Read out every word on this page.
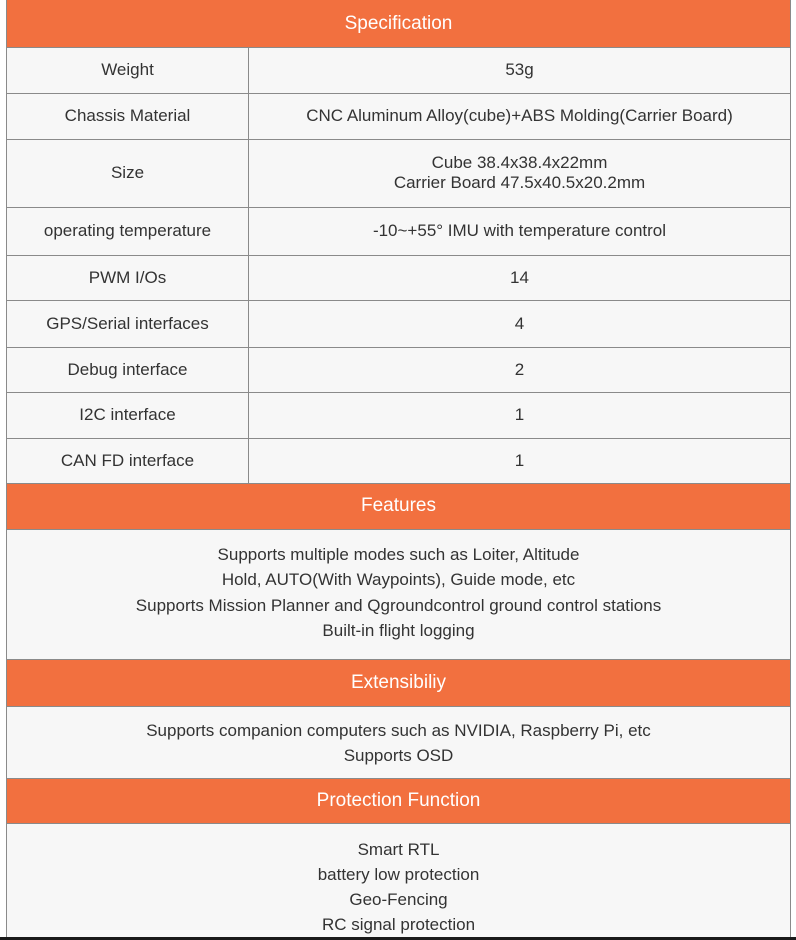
Specification
Weight	53g

Chassis Material	CNC Aluminum Alloy(cube)+ABS Molding(Carrier Board)

Size	Cube 38.4x38.4x22mm
Carrier Board 47.5x40.5x20.2mm

operating temperature	-10~+55° IMU with temperature control

PWM I/Os	14

GPS/Serial interfaces	4

Debug interface	2

I2C interface	1

CAN FD interface	1
Features
Supports multiple modes such as Loiter, Altitude
Hold, AUTO(With Waypoints), Guide mode, etc
Supports Mission Planner and Qgroundcontrol ground control stations
Built-in flight logging
Extensibiliy
Supports companion computers such as NVIDIA, Raspberry Pi, etc
Supports OSD
Protection Function
Smart RTL
battery low protection
Geo-Fencing
RC signal protection
